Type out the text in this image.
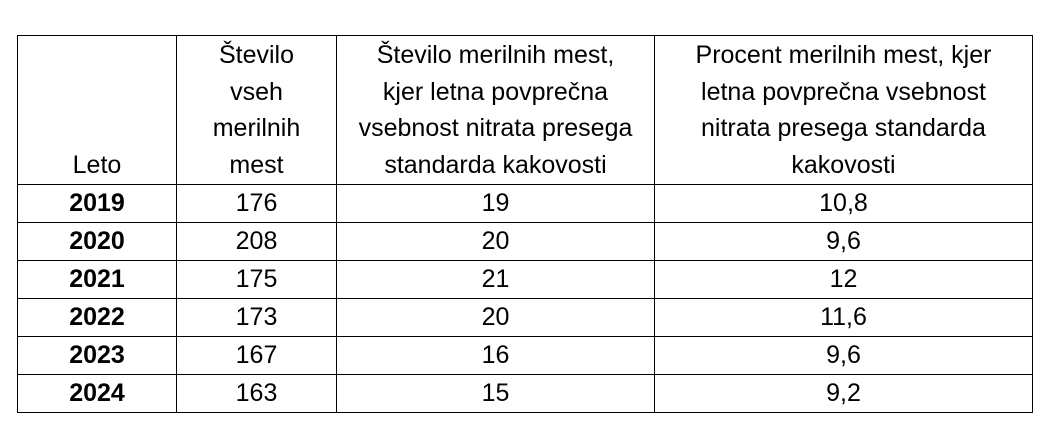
Leto	Število
vseh
merilnih
mest	Število merilnih mest,
kjer letna povprečna
vsebnost nitrata presega
standarda kakovosti	Procent merilnih mest, kjer
letna povprečna vsebnost
nitrata presega standarda
kakovosti

2019	176	19	10,8
2020	208	20	9,6
2021	175	21	12
2022	173	20	11,6
2023	167	16	9,6
2024	163	15	9,2
